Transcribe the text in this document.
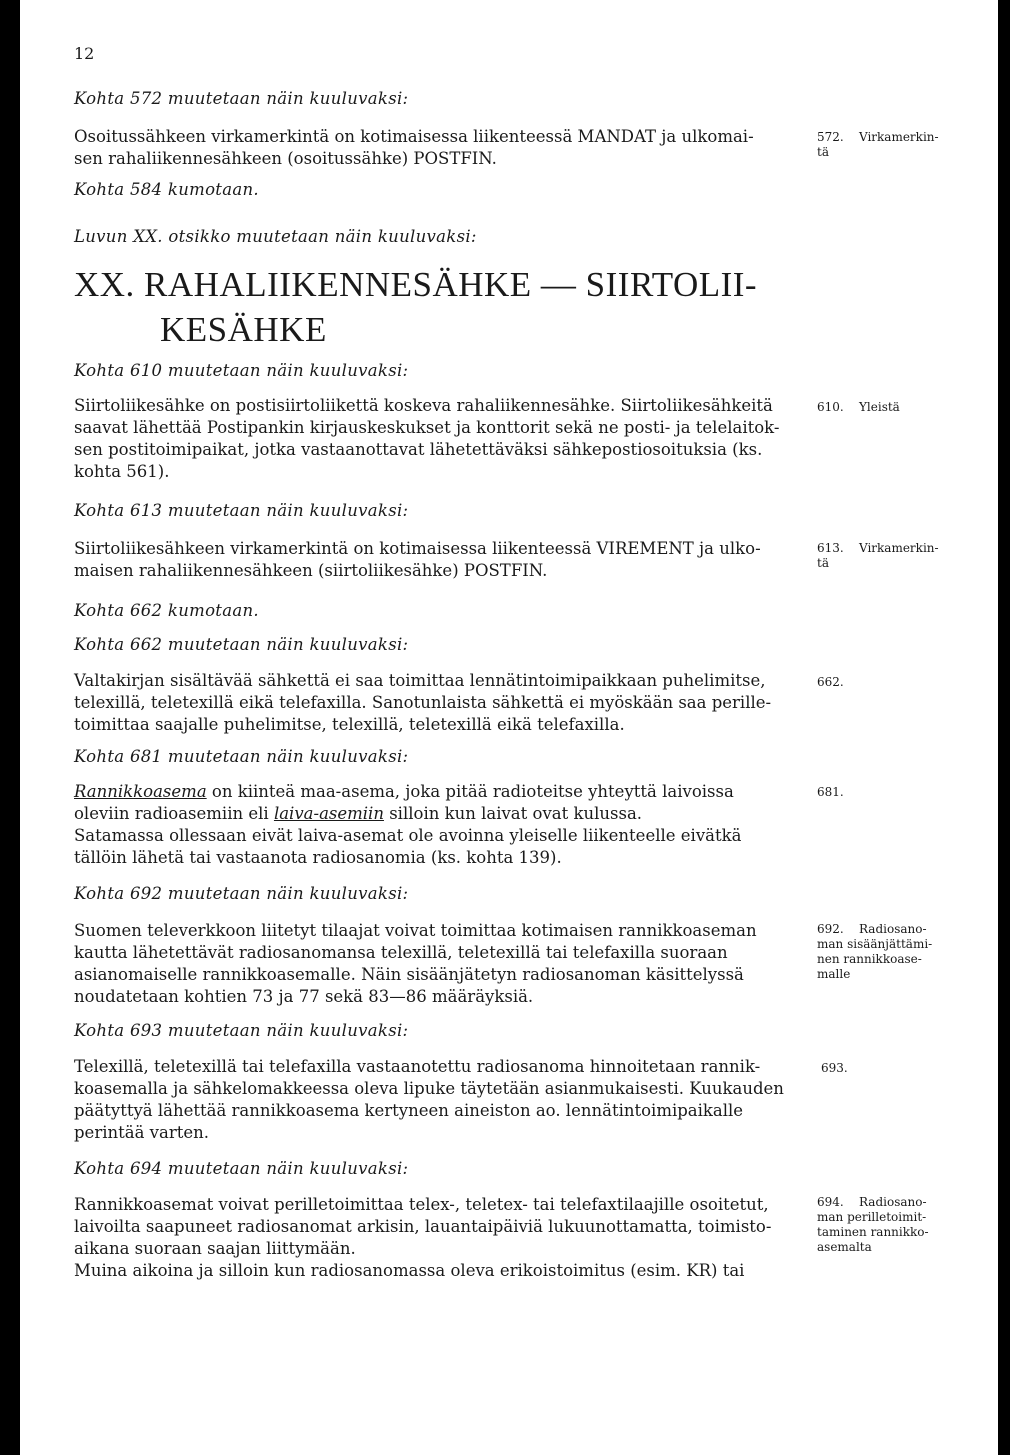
12
Kohta 572 muutetaan näin kuuluvaksi:
Osoitussähkeen virkamerkintä on kotimaisessa liikenteessä MANDAT ja ulkomai-
sen rahaliikennesähkeen (osoitussähke) POSTFIN.
572. Virkamerkin-
tä
Kohta 584 kumotaan.
Luvun XX. otsikko muutetaan näin kuuluvaksi:
XX. RAHALIIKENNESÄHKE — SIIRTOLII-
KESÄHKE
Kohta 610 muutetaan näin kuuluvaksi:
Siirtoliikesähke on postisiirtoliikettä koskeva rahaliikennesähke. Siirtoliikesähkeitä
saavat lähettää Postipankin kirjauskeskukset ja konttorit sekä ne posti- ja telelaitok-
sen postitoimipaikat, jotka vastaanottavat lähetettäväksi sähkepostiosoituksia (ks.
kohta 561).
610. Yleistä
Kohta 613 muutetaan näin kuuluvaksi:
Siirtoliikesähkeen virkamerkintä on kotimaisessa liikenteessä VIREMENT ja ulko-
maisen rahaliikennesähkeen (siirtoliikesähke) POSTFIN.
613. Virkamerkin-
tä
Kohta 662 kumotaan.
Kohta 662 muutetaan näin kuuluvaksi:
Valtakirjan sisältävää sähkettä ei saa toimittaa lennätintoimipaikkaan puhelimitse,
telexillä, teletexillä eikä telefaxilla. Sanotunlaista sähkettä ei myöskään saa perille-
toimittaa saajalle puhelimitse, telexillä, teletexillä eikä telefaxilla.
662.
Kohta 681 muutetaan näin kuuluvaksi:
Rannikkoasema on kiinteä maa-asema, joka pitää radioteitse yhteyttä laivoissa
oleviin radioasemiin eli laiva-asemiin silloin kun laivat ovat kulussa.
Satamassa ollessaan eivät laiva-asemat ole avoinna yleiselle liikenteelle eivätkä
tällöin lähetä tai vastaanota radiosanomia (ks. kohta 139).
681.
Kohta 692 muutetaan näin kuuluvaksi:
Suomen televerkkoon liitetyt tilaajat voivat toimittaa kotimaisen rannikkoaseman
kautta lähetettävät radiosanomansa telexillä, teletexillä tai telefaxilla suoraan
asianomaiselle rannikkoasemalle. Näin sisäänjätetyn radiosanoman käsittelyssä
noudatetaan kohtien 73 ja 77 sekä 83—86 määräyksiä.
692. Radiosano-
man sisäänjättämi-
nen rannikkoase-
malle
Kohta 693 muutetaan näin kuuluvaksi:
Telexillä, teletexillä tai telefaxilla vastaanotettu radiosanoma hinnoitetaan rannik-
koasemalla ja sähkelomakkeessa oleva lipuke täytetään asianmukaisesti. Kuukauden
päätyttyä lähettää rannikkoasema kertyneen aineiston ao. lennätintoimipaikalle
perintää varten.
693.
Kohta 694 muutetaan näin kuuluvaksi:
Rannikkoasemat voivat perilletoimittaa telex-, teletex- tai telefaxtilaajille osoitetut,
laivoilta saapuneet radiosanomat arkisin, lauantaipäiviä lukuunottamatta, toimisto-
aikana suoraan saajan liittymään.
Muina aikoina ja silloin kun radiosanomassa oleva erikoistoimitus (esim. KR) tai
694. Radiosano-
man perilletoimit-
taminen rannikko-
asemalta
